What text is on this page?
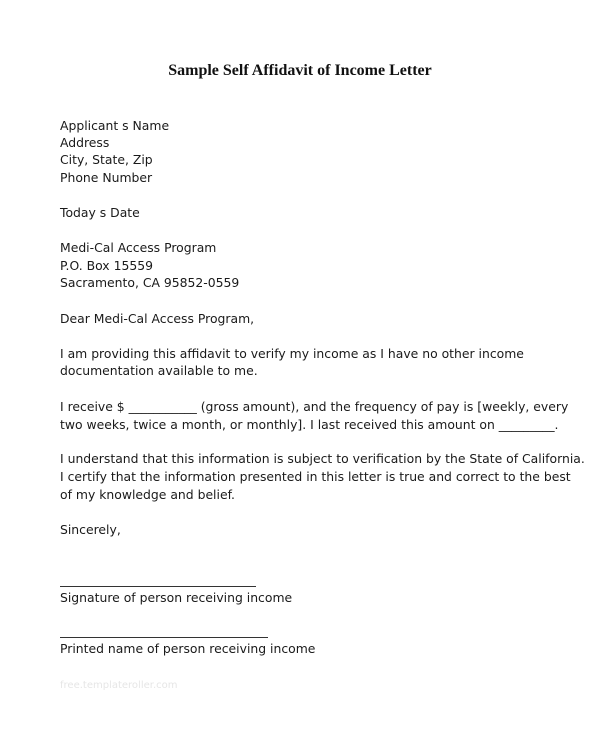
Sample Self Affidavit of Income Letter
Applicant s Name
Address
City, State, Zip
Phone Number
Today s Date
Medi-Cal Access Program
P.O. Box 15559
Sacramento, CA 95852-0559
Dear Medi-Cal Access Program,
I am providing this affidavit to verify my income as I have no other income
documentation available to me.
I receive $ ___________ (gross amount), and the frequency of pay is [weekly, every
two weeks, twice a month, or monthly]. I last received this amount on _________.
I understand that this information is subject to verification by the State of California.
I certify that the information presented in this letter is true and correct to the best
of my knowledge and belief.
Sincerely,
Signature of person receiving income
Printed name of person receiving income
free.templateroller.com
